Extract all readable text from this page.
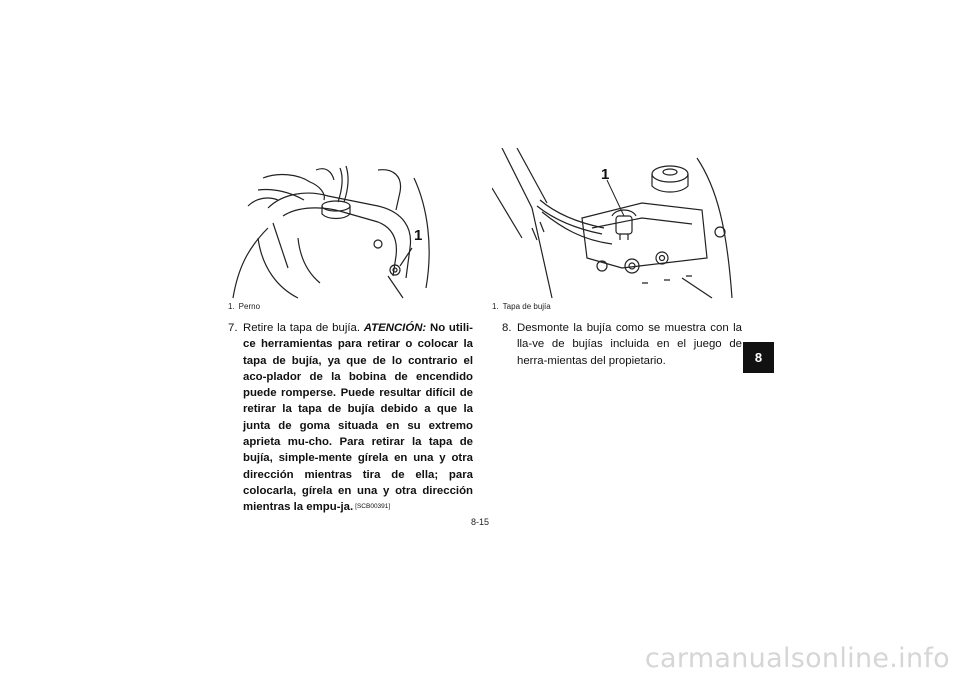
1
1. Perno
1
1. Tapa de bujía
7. Retire la tapa de bujía. ATENCIÓN: No utili-ce herramientas para retirar o colocar la tapa de bujía, ya que de lo contrario el aco-plador de la bobina de encendido puede romperse. Puede resultar difícil de retirar la tapa de bujía debido a que la junta de goma situada en su extremo aprieta mu-cho. Para retirar la tapa de bujía, simple-mente gírela en una y otra dirección mientras tira de ella; para colocarla, gírela en una y otra dirección mientras la empu-ja. [SCB00391]
8. Desmonte la bujía como se muestra con la lla-ve de bujías incluida en el juego de herra-mientas del propietario.
8-15
8
carmanualsonline.info
